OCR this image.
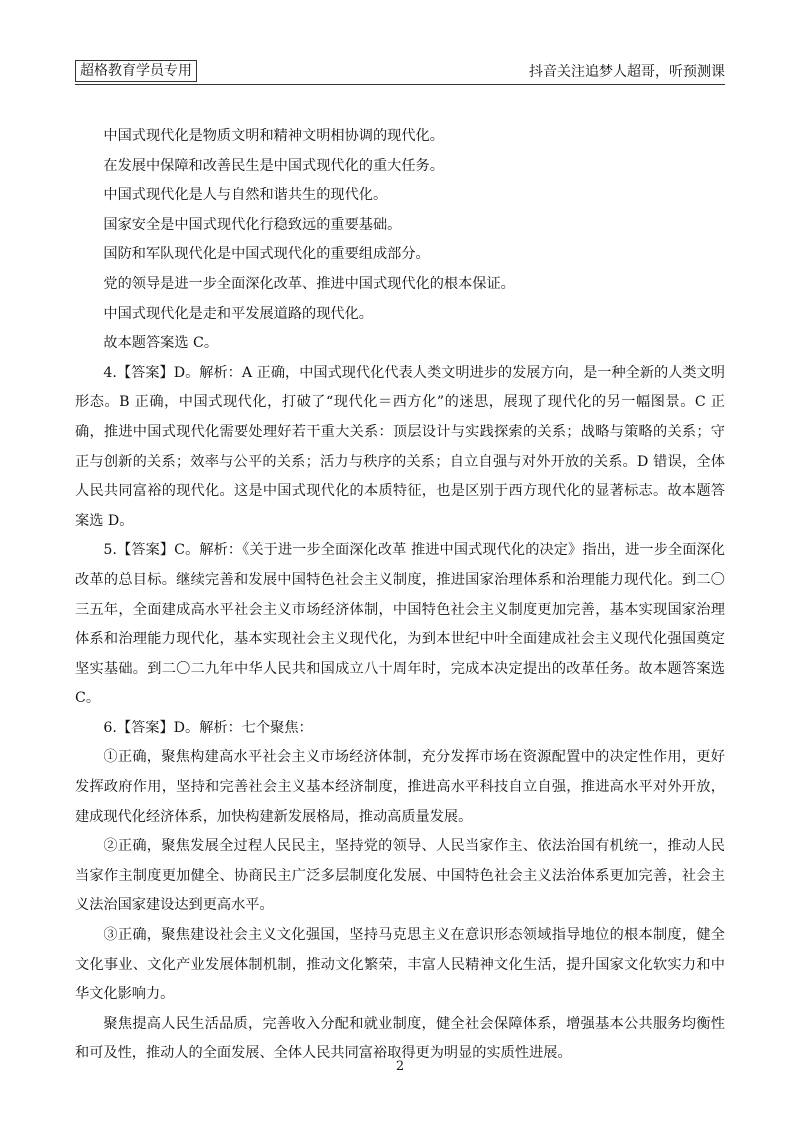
超格教育学员专用	抖音关注追梦人超哥，听预测课

中国式现代化是物质文明和精神文明相协调的现代化。

在发展中保障和改善民生是中国式现代化的重大任务。

中国式现代化是人与自然和谐共生的现代化。

国家安全是中国式现代化行稳致远的重要基础。

国防和军队现代化是中国式现代化的重要组成部分。

党的领导是进一步全面深化改革、推进中国式现代化的根本保证。

中国式现代化是走和平发展道路的现代化。

故本题答案选 C。

4.【答案】D。解析：A 正确，中国式现代化代表人类文明进步的发展方向，是一种全新的人类文明形态。B 正确，中国式现代化，打破了“现代化＝西方化”的迷思，展现了现代化的另一幅图景。C 正确，推进中国式现代化需要处理好若干重大关系：顶层设计与实践探索的关系；战略与策略的关系；守正与创新的关系；效率与公平的关系；活力与秩序的关系；自立自强与对外开放的关系。D 错误，全体人民共同富裕的现代化。这是中国式现代化的本质特征，也是区别于西方现代化的显著标志。故本题答案选 D。

5.【答案】C。解析：《关于进一步全面深化改革 推进中国式现代化的决定》指出，进一步全面深化改革的总目标。继续完善和发展中国特色社会主义制度，推进国家治理体系和治理能力现代化。到二〇三五年，全面建成高水平社会主义市场经济体制，中国特色社会主义制度更加完善，基本实现国家治理体系和治理能力现代化，基本实现社会主义现代化，为到本世纪中叶全面建成社会主义现代化强国奠定坚实基础。到二〇二九年中华人民共和国成立八十周年时，完成本决定提出的改革任务。故本题答案选 C。

6.【答案】D。解析：七个聚焦：

①正确，聚焦构建高水平社会主义市场经济体制，充分发挥市场在资源配置中的决定性作用，更好发挥政府作用，坚持和完善社会主义基本经济制度，推进高水平科技自立自强，推进高水平对外开放，建成现代化经济体系，加快构建新发展格局，推动高质量发展。

②正确，聚焦发展全过程人民民主，坚持党的领导、人民当家作主、依法治国有机统一，推动人民当家作主制度更加健全、协商民主广泛多层制度化发展、中国特色社会主义法治体系更加完善，社会主义法治国家建设达到更高水平。

③正确，聚焦建设社会主义文化强国，坚持马克思主义在意识形态领域指导地位的根本制度，健全文化事业、文化产业发展体制机制，推动文化繁荣，丰富人民精神文化生活，提升国家文化软实力和中华文化影响力。

聚焦提高人民生活品质，完善收入分配和就业制度，健全社会保障体系，增强基本公共服务均衡性和可及性，推动人的全面发展、全体人民共同富裕取得更为明显的实质性进展。

2
